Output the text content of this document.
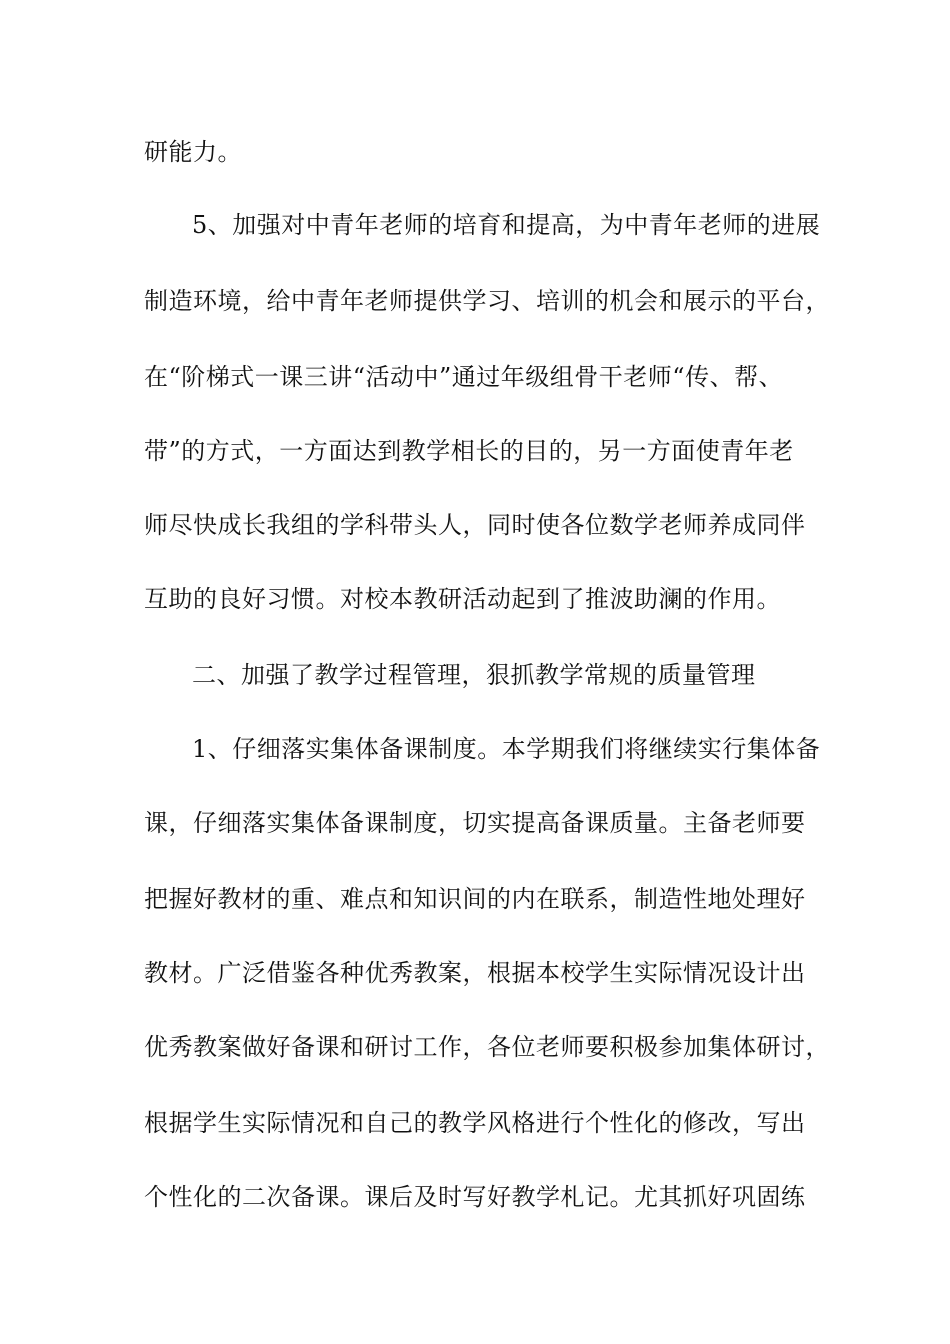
研能力。
5、加强对中青年老师的培育和提高，为中青年老师的进展
制造环境，给中青年老师提供学习、培训的机会和展示的平台，
在“阶梯式一课三讲“活动中”通过年级组骨干老师“传、帮、
带”的方式，一方面达到教学相长的目的，另一方面使青年老
师尽快成长我组的学科带头人，同时使各位数学老师养成同伴
互助的良好习惯。对校本教研活动起到了推波助澜的作用。
二、加强了教学过程管理，狠抓教学常规的质量管理
1、仔细落实集体备课制度。本学期我们将继续实行集体备
课，仔细落实集体备课制度，切实提高备课质量。主备老师要
把握好教材的重、难点和知识间的内在联系，制造性地处理好
教材。广泛借鉴各种优秀教案，根据本校学生实际情况设计出
优秀教案做好备课和研讨工作，各位老师要积极参加集体研讨，
根据学生实际情况和自己的教学风格进行个性化的修改，写出
个性化的二次备课。课后及时写好教学札记。尤其抓好巩固练
